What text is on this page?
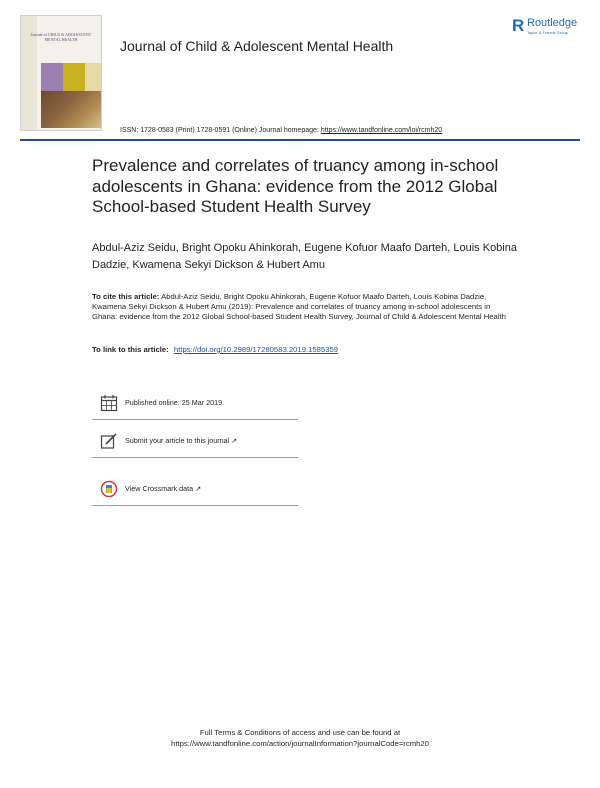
Journal of CHILD & ADOLESCENT MENTAL HEALTH	Journal of Child & Adolescent Mental Health
R Routledge
Taylor & Francis Group
ISSN: 1728-0583 (Print) 1728-0591 (Online) Journal homepage: https://www.tandfonline.com/loi/rcmh20
Prevalence and correlates of truancy among in-school adolescents in Ghana: evidence from the 2012 Global School-based Student Health Survey
Abdul-Aziz Seidu, Bright Opoku Ahinkorah, Eugene Kofuor Maafo Darteh, Louis Kobina Dadzie, Kwamena Sekyi Dickson & Hubert Amu
To cite this article: Abdul-Aziz Seidu, Bright Opoku Ahinkorah, Eugene Kofuor Maafo Darteh, Louis Kobina Dadzie, Kwamena Sekyi Dickson & Hubert Amu (2019): Prevalence and correlates of truancy among in-school adolescents in Ghana: evidence from the 2012 Global School-based Student Health Survey, Journal of Child & Adolescent Mental Health
To link to this article: https://doi.org/10.2989/17280583.2019.1585359
Published online: 25 Mar 2019.
Submit your article to this journal ↗
View Crossmark data ↗
Full Terms & Conditions of access and use can be found at
https://www.tandfonline.com/action/journalInformation?journalCode=rcmh20
